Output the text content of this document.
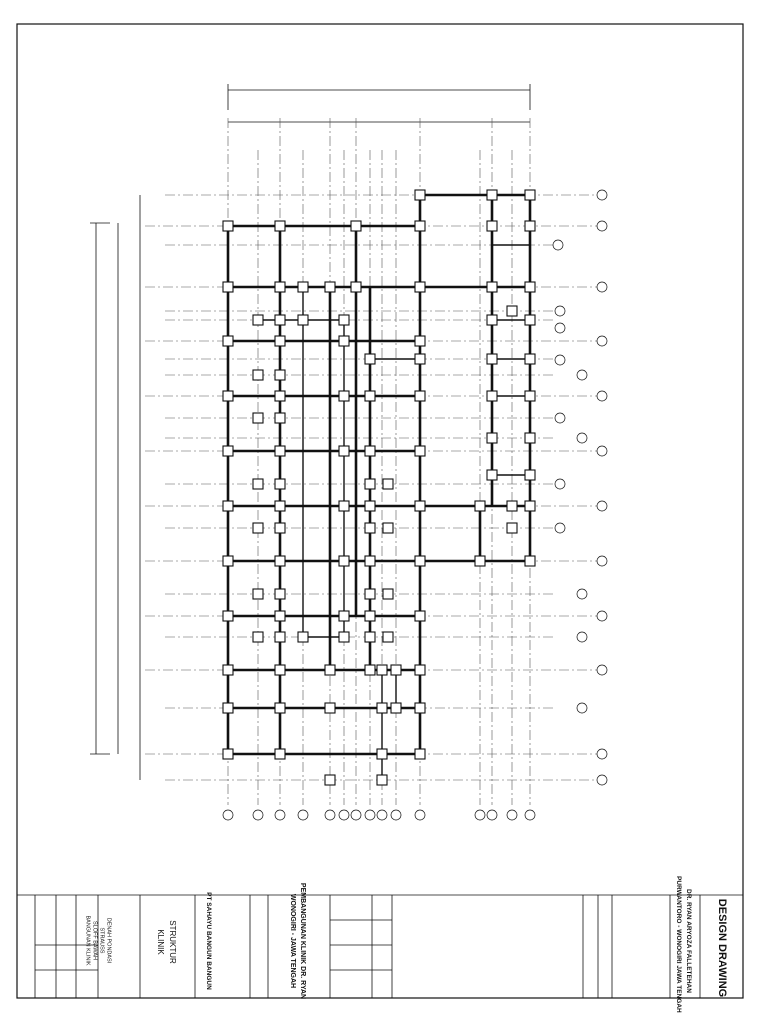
DESIGN DRAWING
DR. RYAN ARYOZA FALLETEHAN
PURWANTORO - WONOGIRI JAWA TENGAH
PEMBANGUNAN KLINIK DR. RYAN
WONOGIRI - JAWA TENGAH
PT SAHAYU BANGUN BANGUN
STRUKTUR
KLINIK
DENAH PONDASI
STRAUSS
SLOFF BAWAH
BANGUNAN KLINIK
